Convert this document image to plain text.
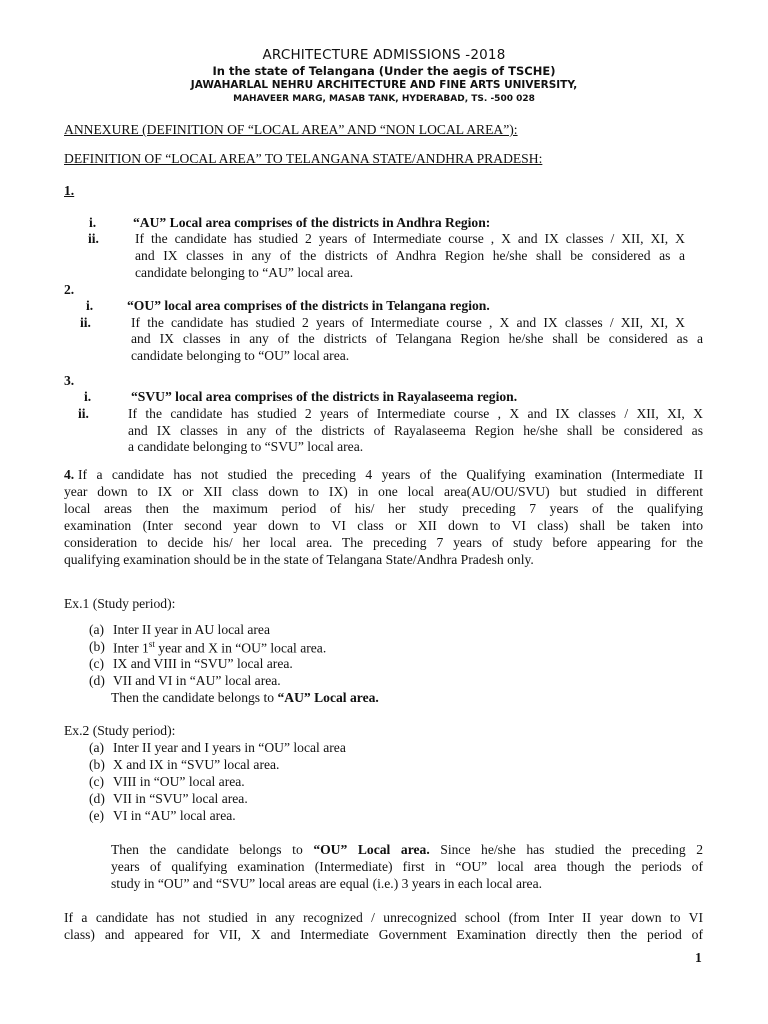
ARCHITECTURE ADMISSIONS -2018
In the state of Telangana (Under the aegis of TSCHE)
JAWAHARLAL NEHRU ARCHITECTURE AND FINE ARTS UNIVERSITY,
MAHAVEER MARG, MASAB TANK, HYDERABAD, TS. -500 028
ANNEXURE (DEFINITION OF “LOCAL AREA” AND “NON LOCAL AREA”):
DEFINITION OF “LOCAL AREA” TO TELANGANA STATE/ANDHRA PRADESH:
1.
i.	“AU” Local area comprises of the districts in Andhra Region:
ii.	If the candidate has studied 2 years of Intermediate course , X and IX classes / XII, XI, X
and IX classes in any of the districts of Andhra Region he/she shall be considered as a
candidate belonging to “AU” local area.
2.
i. “OU” local area comprises of the districts in Telangana region.
ii.	If the candidate has studied 2 years of Intermediate course , X and IX classes / XII, XI, X
and IX classes in any of the districts of Telangana Region he/she shall be considered as a
candidate belonging to “OU” local area.
3.
i.	“SVU” local area comprises of the districts in Rayalaseema region.
ii.	If the candidate has studied 2 years of Intermediate course , X and IX classes / XII, XI, X
and IX classes in any of the districts of Rayalaseema Region he/she shall be considered as
a candidate belonging to “SVU” local area.
4. If a candidate has not studied the preceding 4 years of the Qualifying examination (Intermediate II
year down to IX or XII class down to IX) in one local area(AU/OU/SVU) but studied in different
local areas then the maximum period of his/ her study preceding 7 years of the qualifying
examination (Inter second year down to VI class or XII down to VI class) shall be taken into
consideration to decide his/ her local area. The preceding 7 years of study before appearing for the
qualifying examination should be in the state of Telangana State/Andhra Pradesh only.
Ex.1 (Study period):
(a) Inter II year in AU local area
(b) Inter 1st year and X in “OU” local area.
(c) IX and VIII in “SVU” local area.
(d) VII and VI in “AU” local area.
Then the candidate belongs to “AU” Local area.
Ex.2 (Study period):
(a) Inter II year and I years in “OU” local area
(b) X and IX in “SVU” local area.
(c) VIII in “OU” local area.
(d) VII in “SVU” local area.
(e) VI in “AU” local area.
Then the candidate belongs to “OU” Local area. Since he/she has studied the preceding 2
years of qualifying examination (Intermediate) first in “OU” local area though the periods of
study in “OU” and “SVU” local areas are equal (i.e.) 3 years in each local area.
If a candidate has not studied in any recognized / unrecognized school (from Inter II year down to VI
class) and appeared for VII, X and Intermediate Government Examination directly then the period of
1
